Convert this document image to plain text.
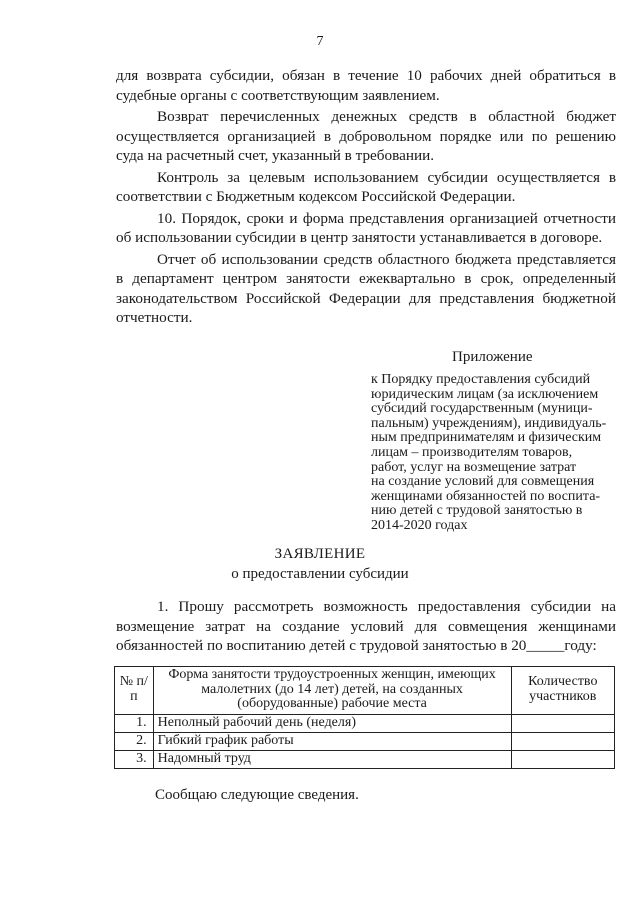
7

для возврата субсидии, обязан в течение 10 рабочих дней обратиться в судебные органы с соответствующим заявлением.

Возврат перечисленных денежных средств в областной бюджет осуществляется организацией в добровольном порядке или по решению суда на расчетный счет, указанный в требовании.

Контроль за целевым использованием субсидии осуществляется в соответствии с Бюджетным кодексом Российской Федерации.

10. Порядок, сроки и форма представления организацией отчетности об использовании субсидии в центр занятости устанавливается в договоре.

Отчет об использовании средств областного бюджета представляется в департамент центром занятости ежеквартально в срок, определенный законодательством Российской Федерации для представления бюджетной отчетности.

Приложение
к Порядку предоставления субсидий
юридическим лицам (за исключением
субсидий государственным (муници-
пальным) учреждениям), индивидуаль-
ным предпринимателям и физическим
лицам – производителям товаров,
работ, услуг на возмещение затрат
на создание условий для совмещения
женщинами обязанностей по воспита-
нию детей с трудовой занятостью в
2014-2020 годах
ЗАЯВЛЕНИЕ
о предоставлении субсидии

1. Прошу рассмотреть возможность предоставления субсидии на возмещение затрат на создание условий для совмещения женщинами обязанностей по воспитанию детей с трудовой занятостью в 20_____году:

№ п/п	Форма занятости трудоустроенных женщин, имеющих малолетних (до 14 лет) детей, на созданных (оборудованные) рабочие места	Количество участников
1.	Неполный рабочий день (неделя)	
2.	Гибкий график работы	
3.	Надомный труд	
Сообщаю следующие сведения.
